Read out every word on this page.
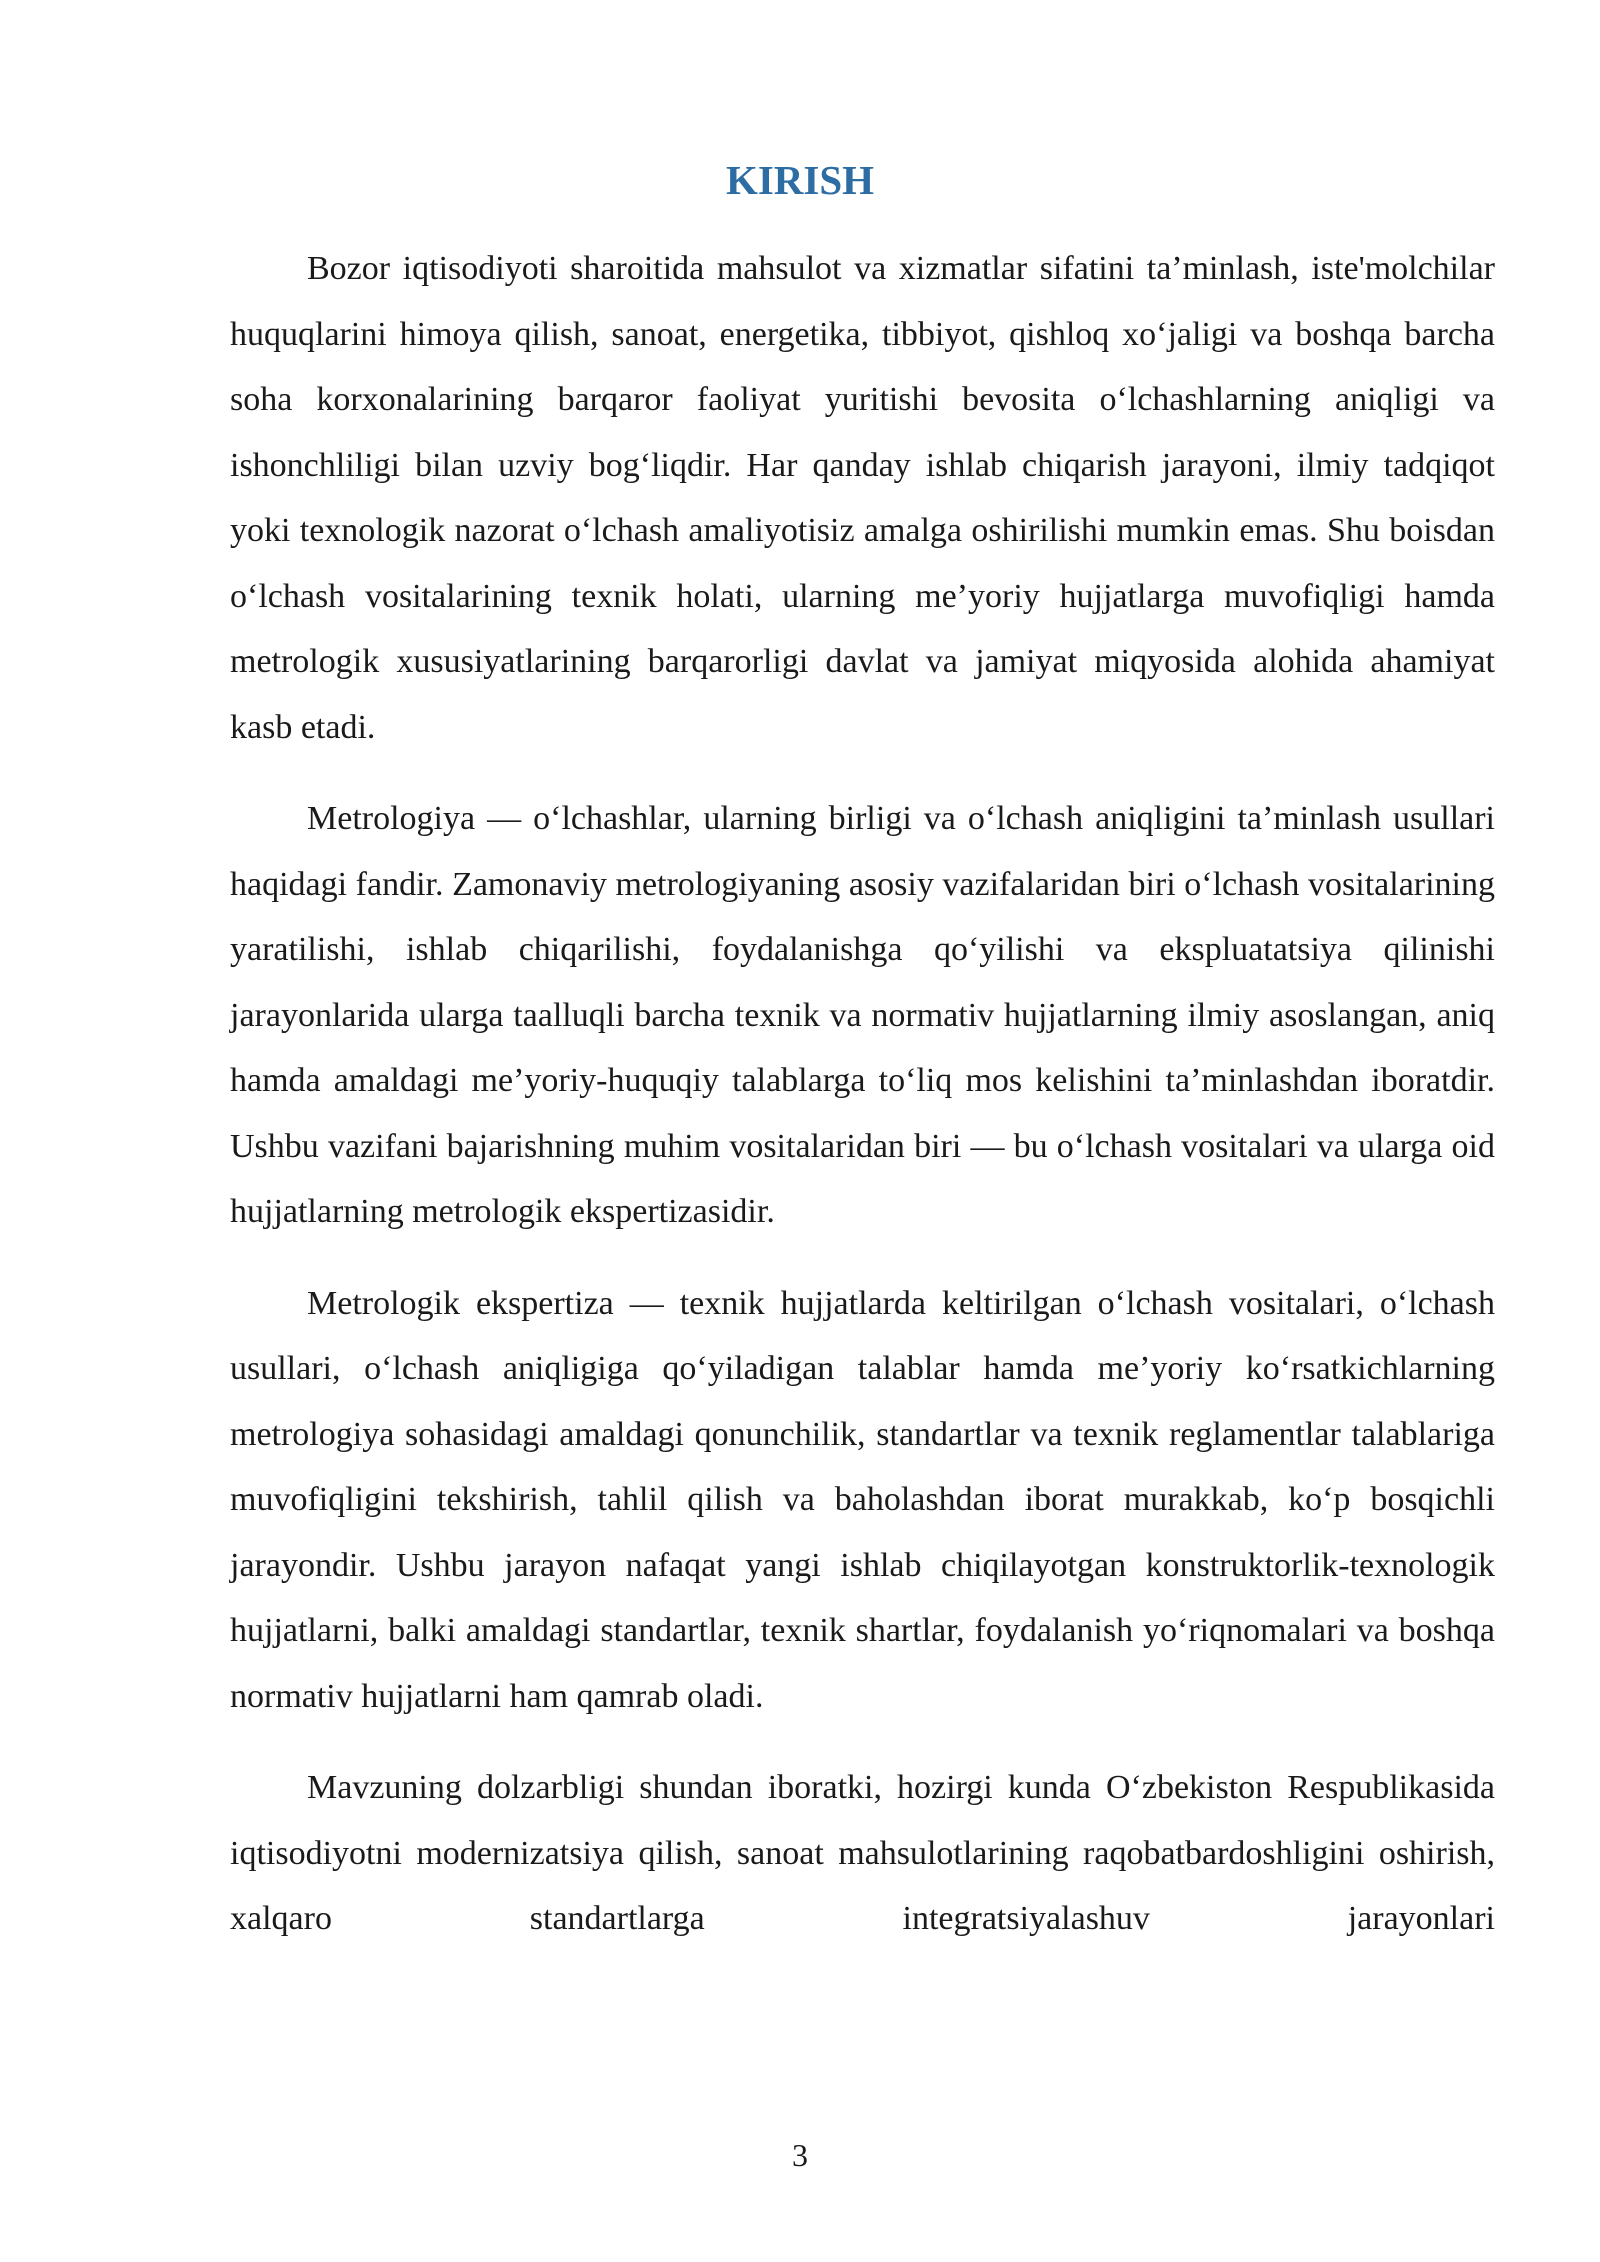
KIRISH

Bozor iqtisodiyoti sharoitida mahsulot va xizmatlar sifatini ta’minlash, iste'molchilar huquqlarini himoya qilish, sanoat, energetika, tibbiyot, qishloq xo‘jaligi va boshqa barcha soha korxonalarining barqaror faoliyat yuritishi bevosita o‘lchashlarning aniqligi va ishonchliligi bilan uzviy bog‘liqdir. Har qanday ishlab chiqarish jarayoni, ilmiy tadqiqot yoki texnologik nazorat o‘lchash amaliyotisiz amalga oshirilishi mumkin emas. Shu boisdan o‘lchash vositalarining texnik holati, ularning me’yoriy hujjatlarga muvofiqligi hamda metrologik xususiyatlarining barqarorligi davlat va jamiyat miqyosida alohida ahamiyat kasb etadi.

Metrologiya — o‘lchashlar, ularning birligi va o‘lchash aniqligini ta’minlash usullari haqidagi fandir. Zamonaviy metrologiyaning asosiy vazifalaridan biri o‘lchash vositalarining yaratilishi, ishlab chiqarilishi, foydalanishga qo‘yilishi va ekspluatatsiya qilinishi jarayonlarida ularga taalluqli barcha texnik va normativ hujjatlarning ilmiy asoslangan, aniq hamda amaldagi me’yoriy-huquqiy talablarga to‘liq mos kelishini ta’minlashdan iboratdir. Ushbu vazifani bajarishning muhim vositalaridan biri — bu o‘lchash vositalari va ularga oid hujjatlarning metrologik ekspertizasidir.

Metrologik ekspertiza — texnik hujjatlarda keltirilgan o‘lchash vositalari, o‘lchash usullari, o‘lchash aniqligiga qo‘yiladigan talablar hamda me’yoriy ko‘rsatkichlarning metrologiya sohasidagi amaldagi qonunchilik, standartlar va texnik reglamentlar talablariga muvofiqligini tekshirish, tahlil qilish va baholashdan iborat murakkab, ko‘p bosqichli jarayondir. Ushbu jarayon nafaqat yangi ishlab chiqilayotgan konstruktorlik-texnologik hujjatlarni, balki amaldagi standartlar, texnik shartlar, foydalanish yo‘riqnomalari va boshqa normativ hujjatlarni ham qamrab oladi.

Mavzuning dolzarbligi shundan iboratki, hozirgi kunda O‘zbekiston Respublikasida iqtisodiyotni modernizatsiya qilish, sanoat mahsulotlarining raqobatbardoshligini oshirish, xalqaro standartlarga integratsiyalashuv jarayonlari

3
